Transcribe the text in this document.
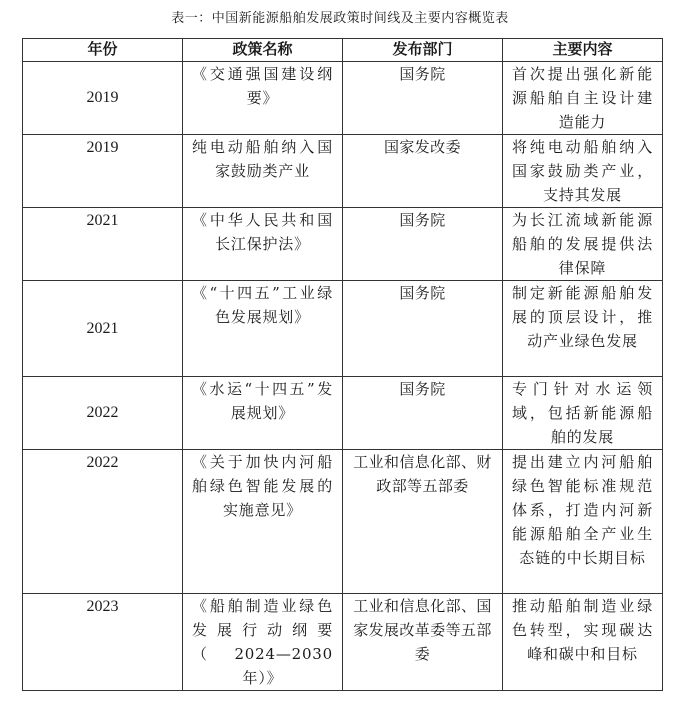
表一：中国新能源船舶发展政策时间线及主要内容概览表
年份	政策名称	发布部门	主要内容
2019	《交通强国建设纲要》	国务院	首次提出强化新能源船舶自主设计建造能力

2019	纯电动船舶纳入国家鼓励类产业	国家发改委	将纯电动船舶纳入国家鼓励类产业，支持其发展

2021	《中华人民共和国长江保护法》	国务院	为长江流域新能源船舶的发展提供法律保障

2021	《“十四五”工业绿色发展规划》	国务院	制定新能源船舶发展的顶层设计，推动产业绿色发展

2022	《水运“十四五”发展规划》	国务院	专门针对水运领域，包括新能源船舶的发展

2022	《关于加快内河船舶绿色智能发展的实施意见》	工业和信息化部、财政部等五部委	提出建立内河船舶绿色智能标准规范体系，打造内河新能源船舶全产业生态链的中长期目标

2023	《船舶制造业绿色发展行动纲要（2024—2030年）》	工业和信息化部、国家发展改革委等五部委	推动船舶制造业绿色转型，实现碳达峰和碳中和目标
